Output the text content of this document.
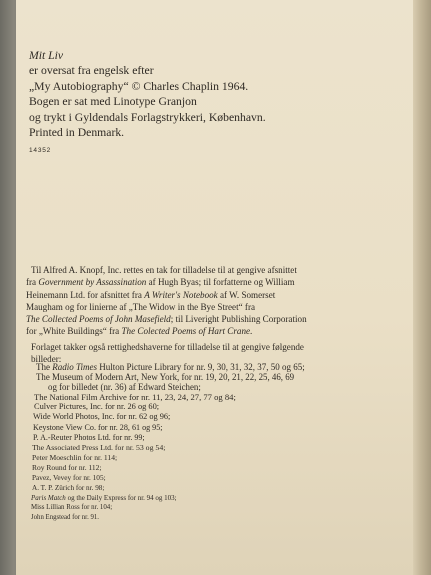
Mit Liv
er oversat fra engelsk efter
„My Autobiography“ © Charles Chaplin 1964.
Bogen er sat med Linotype Granjon
og trykt i Gyldendals Forlagstrykkeri, København.
Printed in Denmark.
14352
Til Alfred A. Knopf, Inc. rettes en tak for tilladelse til at gengive afsnittet
fra Government by Assassination af Hugh Byas; til forfatterne og William
Heinemann Ltd. for afsnittet fra A Writer's Notebook af W. Somerset
Maugham og for linierne af „The Widow in the Bye Street“ fra
The Collected Poems of John Masefield; til Liveright Publishing Corporation
for „White Buildings“ fra The Colected Poems of Hart Crane.
Forlaget takker også rettighedshaverne for tilladelse til at gengive følgende
billeder:
The Radio Times Hulton Picture Library for nr. 9, 30, 31, 32, 37, 50 og 65;
The Museum of Modern Art, New York, for nr. 19, 20, 21, 22, 25, 46, 69
og for billedet (nr. 36) af Edward Steichen;
The National Film Archive for nr. 11, 23, 24, 27, 77 og 84;
Culver Pictures, Inc. for nr. 26 og 60;
Wide World Photos, Inc. for nr. 62 og 96;
Keystone View Co. for nr. 28, 61 og 95;
P. A.-Reuter Photos Ltd. for nr. 99;
The Associated Press Ltd. for nr. 53 og 54;
Peter Moeschlin for nr. 114;
Roy Round for nr. 112;
Pavez, Vevey for nr. 105;
A. T. P. Zürich for nr. 98;
Paris Match og the Daily Express for nr. 94 og 103;
Miss Lillian Ross for nr. 104;
John Engstead for nr. 91.
